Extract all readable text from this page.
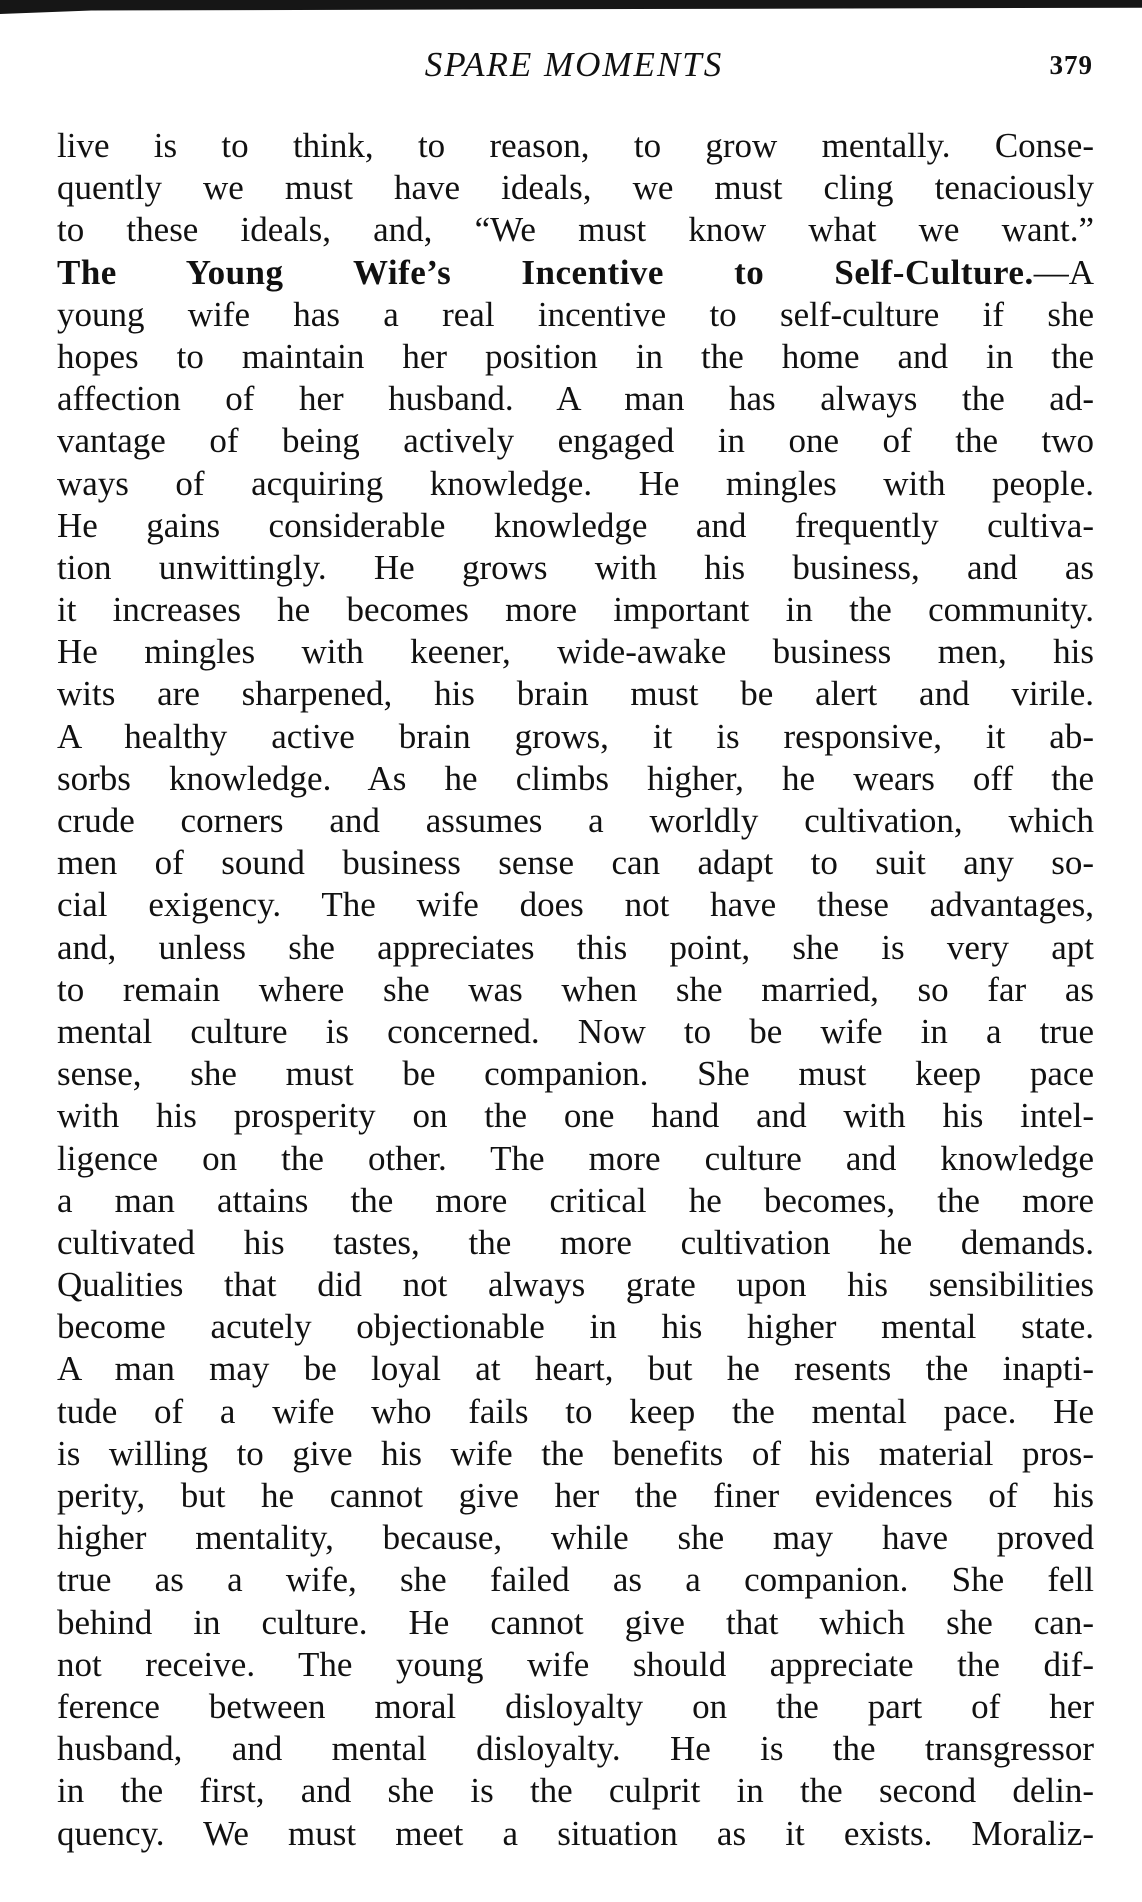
SPARE MOMENTS	379
live is to think, to reason, to grow mentally. Conse-
quently we must have ideals, we must cling tenaciously
to these ideals, and, “We must know what we want.”
The Young Wife’s Incentive to Self-Culture.—A
young wife has a real incentive to self-culture if she
hopes to maintain her position in the home and in the
affection of her husband. A man has always the ad-
vantage of being actively engaged in one of the two
ways of acquiring knowledge. He mingles with people.
He gains considerable knowledge and frequently cultiva-
tion unwittingly. He grows with his business, and as
it increases he becomes more important in the community.
He mingles with keener, wide-awake business men, his
wits are sharpened, his brain must be alert and virile.
A healthy active brain grows, it is responsive, it ab-
sorbs knowledge. As he climbs higher, he wears off the
crude corners and assumes a worldly cultivation, which
men of sound business sense can adapt to suit any so-
cial exigency. The wife does not have these advantages,
and, unless she appreciates this point, she is very apt
to remain where she was when she married, so far as
mental culture is concerned. Now to be wife in a true
sense, she must be companion. She must keep pace
with his prosperity on the one hand and with his intel-
ligence on the other. The more culture and knowledge
a man attains the more critical he becomes, the more
cultivated his tastes, the more cultivation he demands.
Qualities that did not always grate upon his sensibilities
become acutely objectionable in his higher mental state.
A man may be loyal at heart, but he resents the inapti-
tude of a wife who fails to keep the mental pace. He
is willing to give his wife the benefits of his material pros-
perity, but he cannot give her the finer evidences of his
higher mentality, because, while she may have proved
true as a wife, she failed as a companion. She fell
behind in culture. He cannot give that which she can-
not receive. The young wife should appreciate the dif-
ference between moral disloyalty on the part of her
husband, and mental disloyalty. He is the transgressor
in the first, and she is the culprit in the second delin-
quency. We must meet a situation as it exists. Moraliz-
